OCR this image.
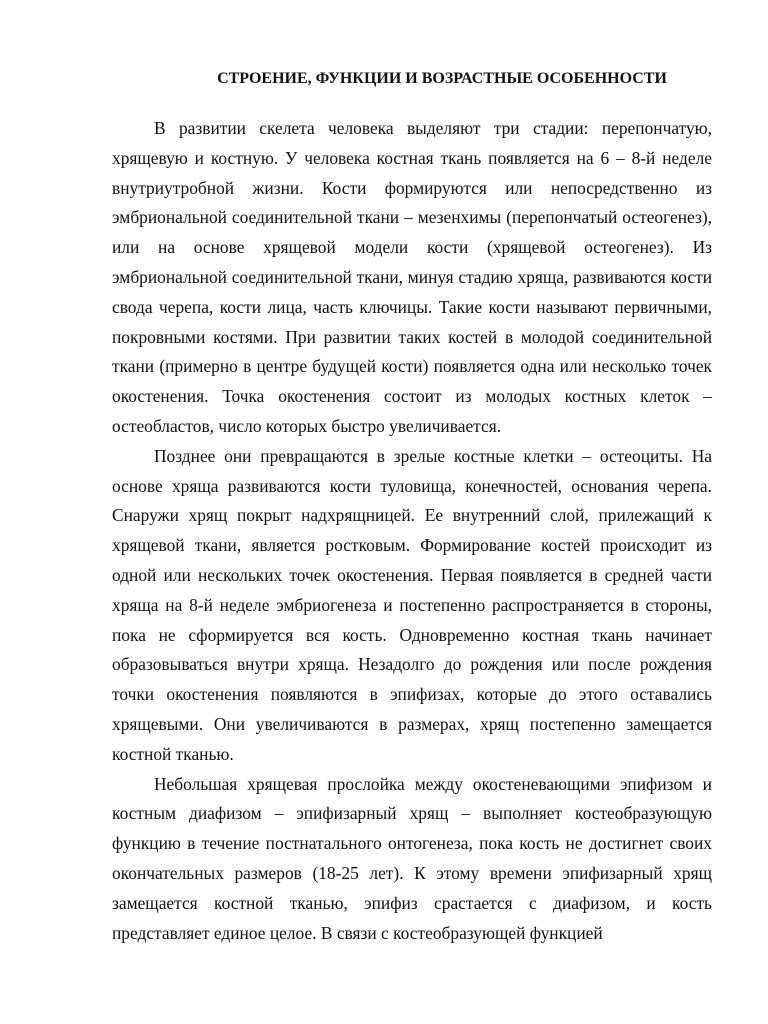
СТРОЕНИЕ, ФУНКЦИИ И ВОЗРАСТНЫЕ ОСОБЕННОСТИ

В развитии скелета человека выделяют три стадии: перепончатую, хрящевую и костную. У человека костная ткань появляется на 6 – 8-й неделе внутриутробной жизни. Кости формируются или непосредственно из эмбриональной соединительной ткани – мезенхимы (перепончатый остеогенез), или на основе хрящевой модели кости (хрящевой остеогенез). Из эмбриональной соединительной ткани, минуя стадию хряща, развиваются кости свода черепа, кости лица, часть ключицы. Такие кости называют первичными, покровными костями. При развитии таких костей в молодой соединительной ткани (примерно в центре будущей кости) появляется одна или несколько точек окостенения. Точка окостенения состоит из молодых костных клеток – остеобластов, число которых быстро увеличивается.

Позднее они превращаются в зрелые костные клетки – остеоциты. На основе хряща развиваются кости туловища, конечностей, основания черепа. Снаружи хрящ покрыт надхрящницей. Ее внутренний слой, прилежащий к хрящевой ткани, является ростковым. Формирование костей происходит из одной или нескольких точек окостенения. Первая появляется в средней части хряща на 8-й неделе эмбриогенеза и постепенно распространяется в стороны, пока не сформируется вся кость. Одновременно костная ткань начинает образовываться внутри хряща. Незадолго до рождения или после рождения точки окостенения появляются в эпифизах, которые до этого оставались хрящевыми. Они увеличиваются в размерах, хрящ постепенно замещается костной тканью.

Небольшая хрящевая прослойка между окостеневающими эпифизом и костным диафизом – эпифизарный хрящ – выполняет костеобразующую функцию в течение постнатального онтогенеза, пока кость не достигнет своих окончательных размеров (18-25 лет). К этому времени эпифизарный хрящ замещается костной тканью, эпифиз срастается с диафизом, и кость представляет единое целое. В связи с костеобразующей функцией
